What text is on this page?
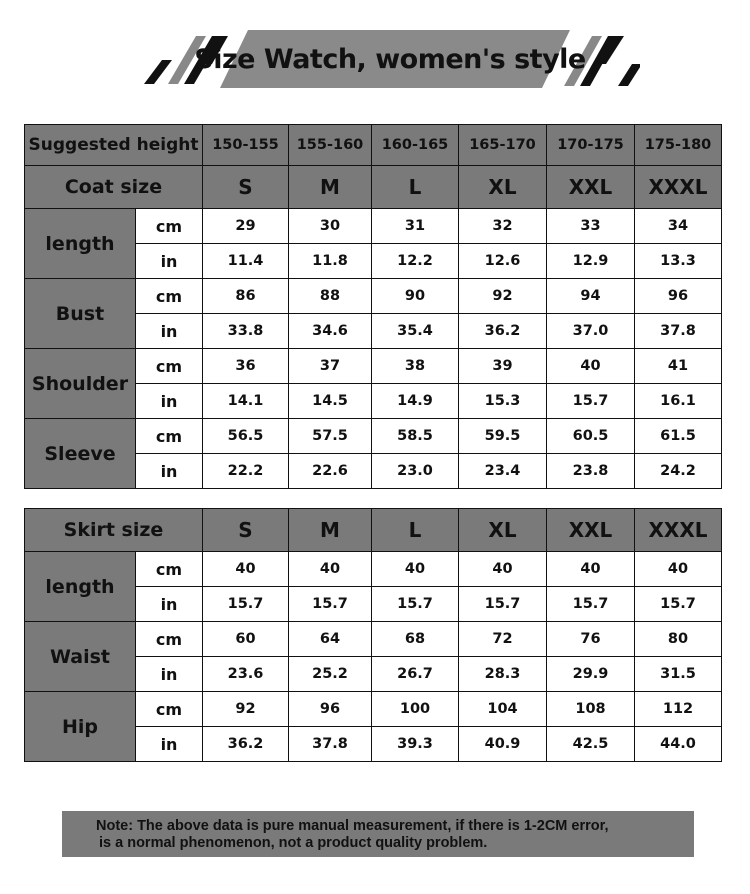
Size Watch, women's style
Suggested height		150-155	155-160	160-165	165-170	170-175	175-180
Coat size		S	M	L	XL	XXL	XXXL
length	cm	29	30	31	32	33	34
	in	11.4	11.8	12.2	12.6	12.9	13.3
Bust	cm	86	88	90	92	94	96
	in	33.8	34.6	35.4	36.2	37.0	37.8
Shoulder	cm	36	37	38	39	40	41
	in	14.1	14.5	14.9	15.3	15.7	16.1
Sleeve	cm	56.5	57.5	58.5	59.5	60.5	61.5
	in	22.2	22.6	23.0	23.4	23.8	24.2
Skirt size		S	M	L	XL	XXL	XXXL
length	cm	40	40	40	40	40	40
	in	15.7	15.7	15.7	15.7	15.7	15.7
Waist	cm	60	64	68	72	76	80
	in	23.6	25.2	26.7	28.3	29.9	31.5
Hip	cm	92	96	100	104	108	112
	in	36.2	37.8	39.3	40.9	42.5	44.0
Note: The above data is pure manual measurement, if there is 1-2CM error,
is a normal phenomenon, not a product quality problem.
